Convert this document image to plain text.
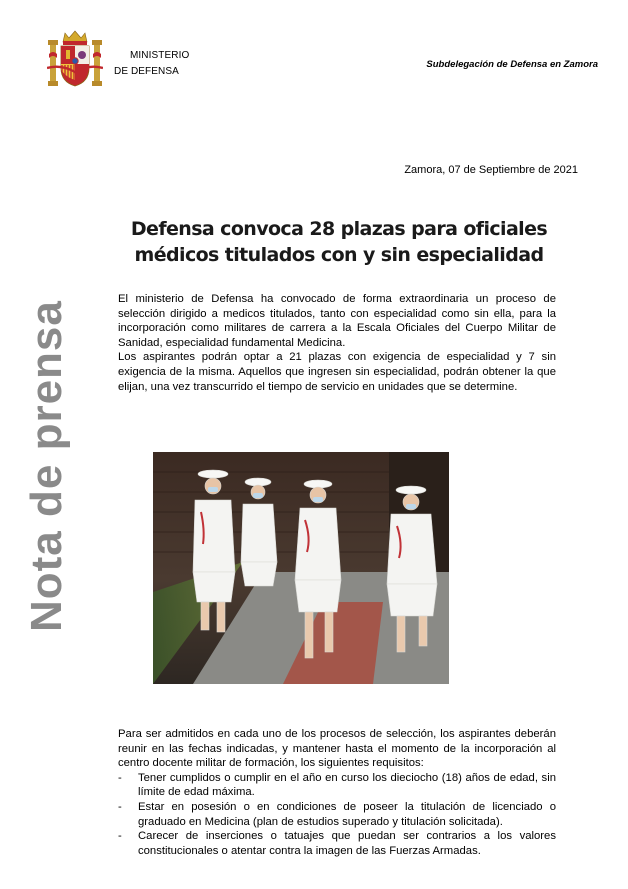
MINISTERIO
DE DEFENSA
Subdelegación de Defensa en Zamora
Zamora, 07 de Septiembre de 2021
Defensa convoca 28 plazas para oficiales médicos titulados con y sin especialidad
Nota de prensa

El ministerio de Defensa ha convocado de forma extraordinaria un proceso de selección dirigido a medicos titulados, tanto con especialidad como sin ella, para la incorporación como militares de carrera a la Escala Oficiales del Cuerpo Militar de Sanidad, especialidad fundamental Medicina.

Los aspirantes podrán optar a 21 plazas con exigencia de especialidad y 7 sin exigencia de la misma. Aquellos que ingresen sin especialidad, podrán obtener la que elijan, una vez transcurrido el tiempo de servicio en unidades que se determine.

Para ser admitidos en cada uno de los procesos de selección, los aspirantes deberán reunir en las fechas indicadas, y mantener hasta el momento de la incorporación al centro docente militar de formación, los siguientes requisitos:

- Tener cumplidos o cumplir en el año en curso los dieciocho (18) años de edad, sin límite de edad máxima.
- Estar en posesión o en condiciones de poseer la titulación de licenciado o graduado en Medicina (plan de estudios superado y titulación solicitada).
- Carecer de inserciones o tatuajes que puedan ser contrarios a los valores constitucionales o atentar contra la imagen de las Fuerzas Armadas.
